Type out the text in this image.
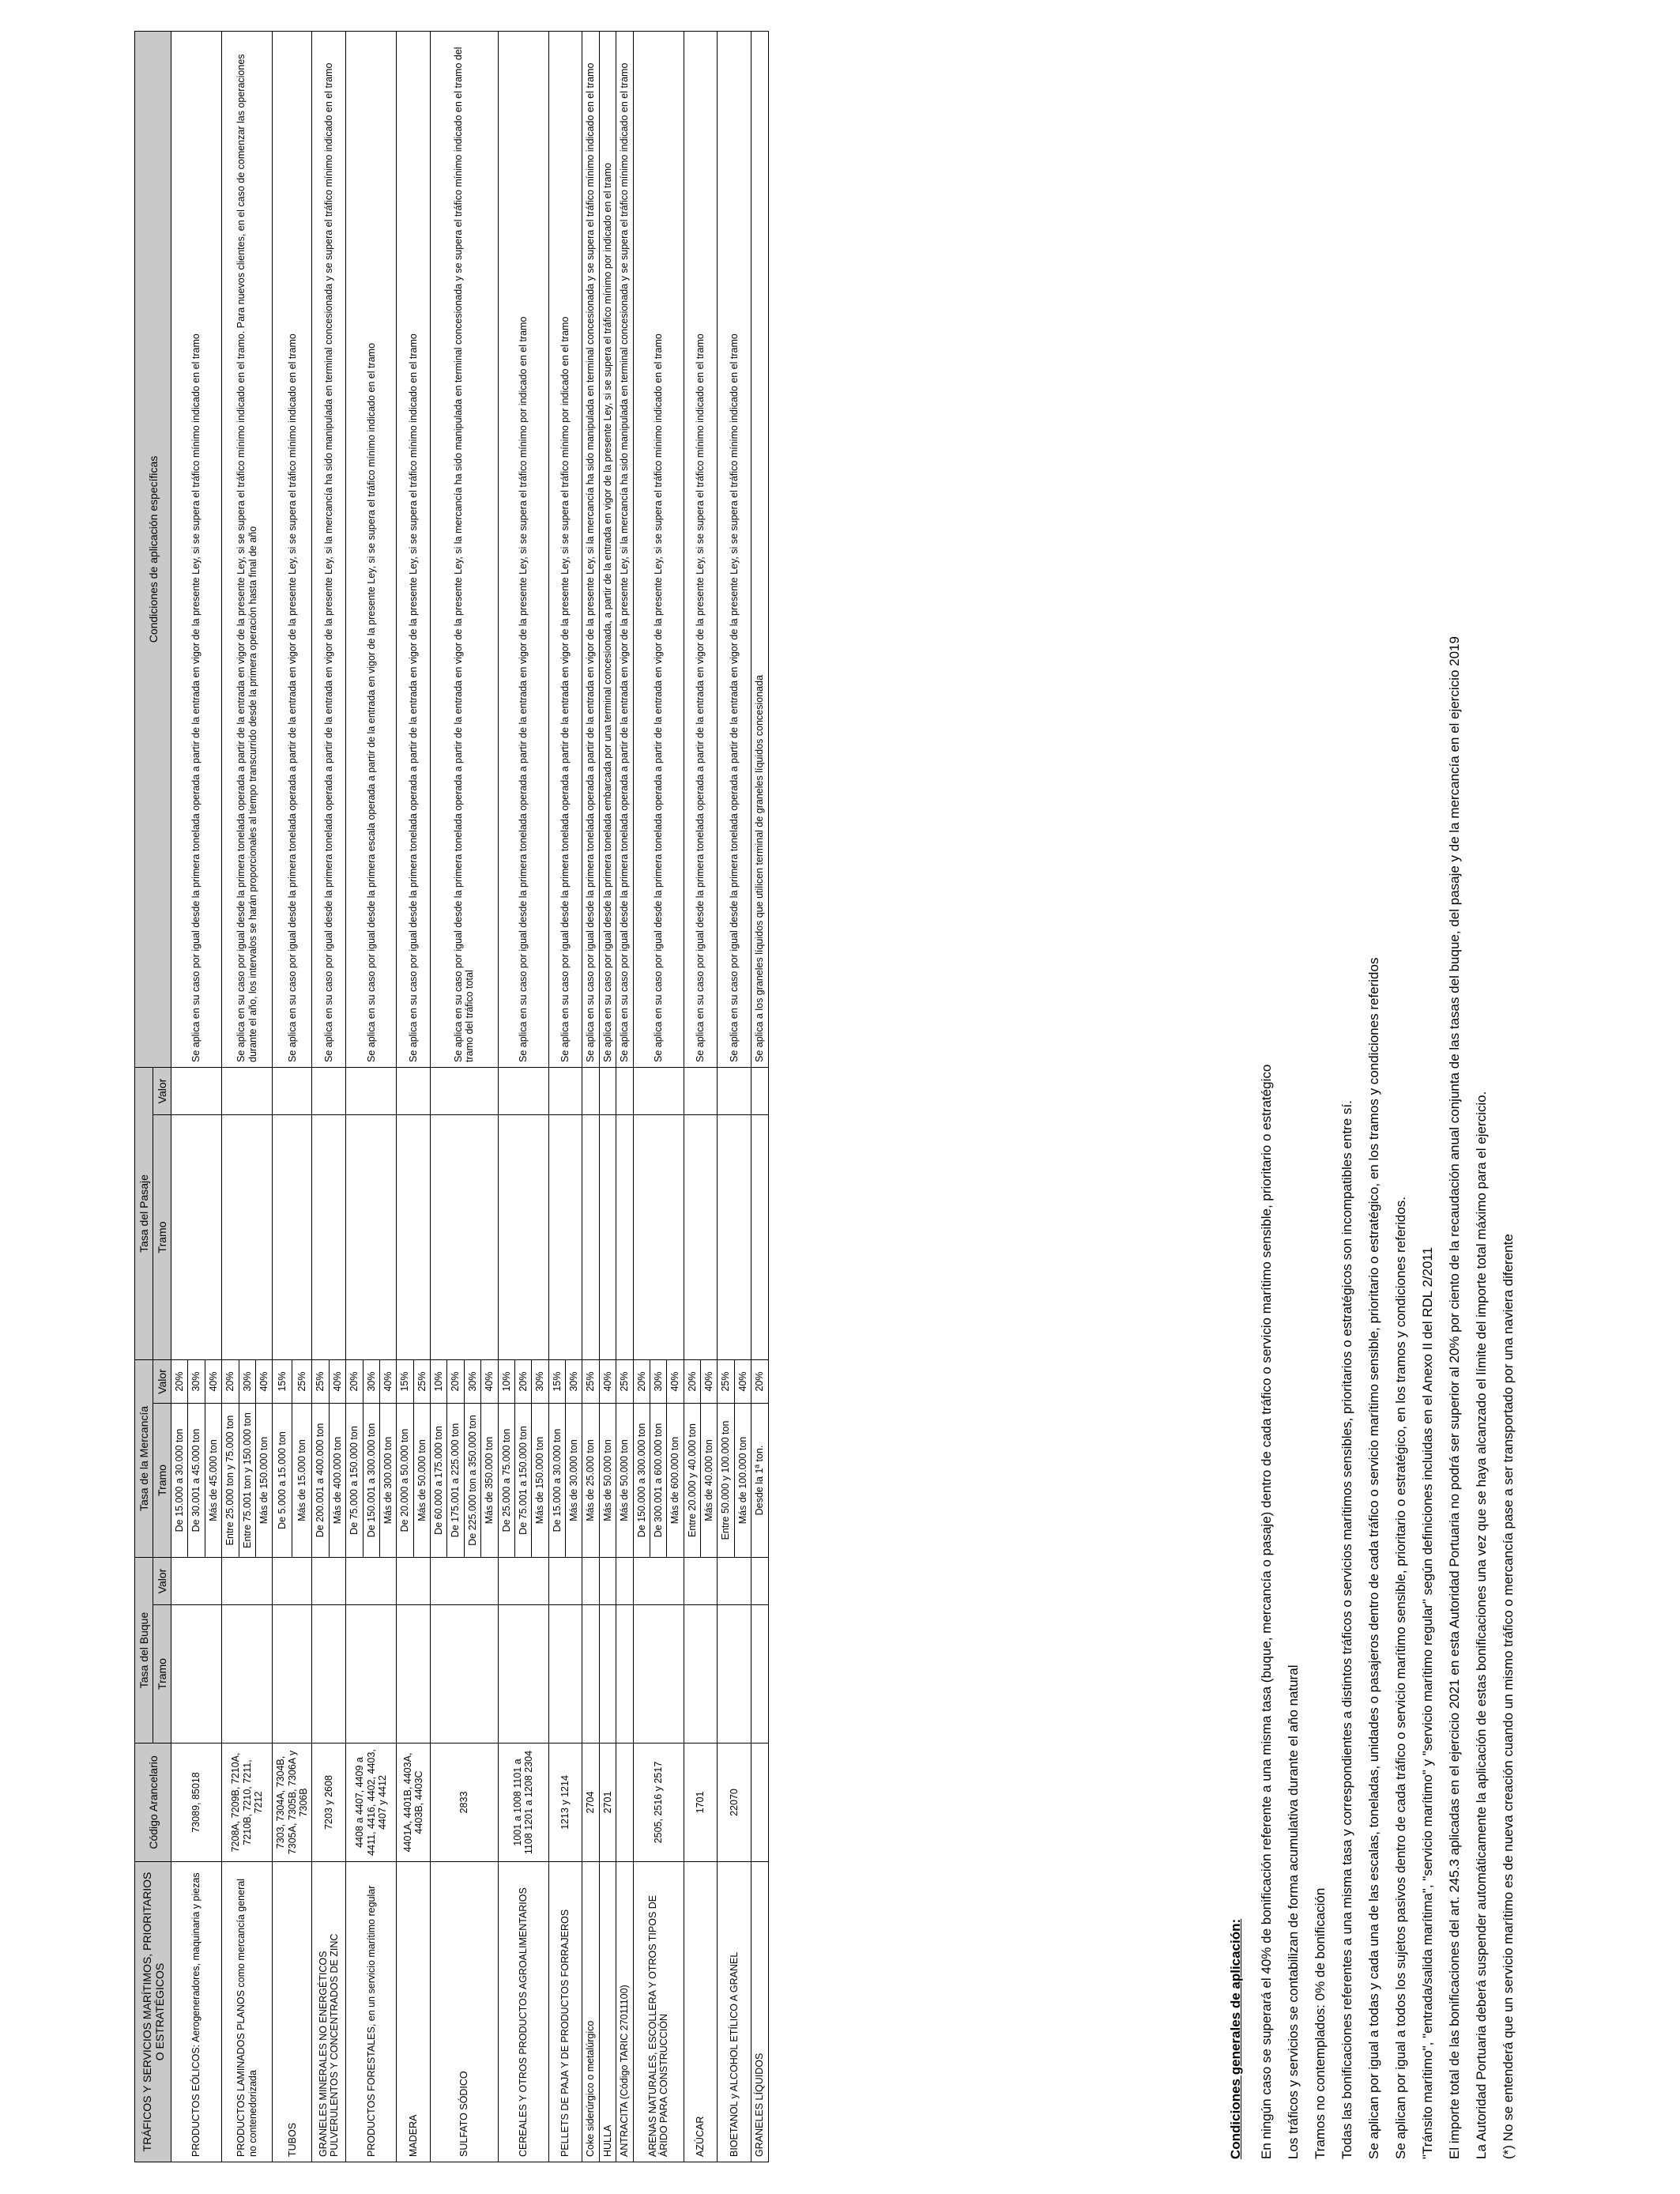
TRÁFICOS Y SERVICIOS MARÍTIMOS, PRIORITARIOS O ESTRATÉGICOS	Código Arancelario	Tasa del Buque		Tasa de la Mercancía		Tasa del Pasaje		Condiciones de aplicación específicas
		Tramo	Valor	Tramo	Valor	Tramo	Valor	
PRODUCTOS EÓLICOS: Aerogeneradores, maquinaria y piezas	73089, 85018			De 15.000 a 30.000 ton	20%			Se aplica en su caso por igual desde la primera tonelada operada a partir de la entrada en vigor de la presente Ley, si se supera el tráfico mínimo indicado en el tramo
				De 30.001 a 45.000 ton	30%			
				Más de 45.000 ton	40%			
PRODUCTOS LAMINADOS PLANOS como mercancía general no contenedorizada	7208A, 7209B, 7210A, 7210B, 7210, 7211, 7212			Entre 25.000 ton y 75.000 ton	20%			Se aplica en su caso por igual desde la primera tonelada operada a partir de la entrada en vigor de la presente Ley, si se supera el tráfico mínimo indicado en el tramo. Para nuevos clientes, en el caso de comenzar las operaciones durante el año, los intervalos se harán proporcionales al tiempo transcurrido desde la primera operación hasta final de año
				Entre 75.001 ton y 150.000 ton	30%			
				Más de 150.000 ton	40%			
TUBOS	7303, 7304A, 7304B, 7305A, 7305B, 7306A y 7306B			De 5.000 a 15.000 ton	15%			Se aplica en su caso por igual desde la primera tonelada operada a partir de la entrada en vigor de la presente Ley, si se supera el tráfico mínimo indicado en el tramo
				Más de 15.000 ton	25%			
GRANELES MINERALES NO ENERGÉTICOS PULVERULENTOS Y CONCENTRADOS DE ZINC	7203 y 2608			De 200.001 a 400.000 ton	25%			Se aplica en su caso por igual desde la primera tonelada operada a partir de la entrada en vigor de la presente Ley, si la mercancía ha sido manipulada en terminal concesionada y se supera el tráfico mínimo indicado en el tramo
				Más de 400.000 ton	40%			
PRODUCTOS FORESTALES, en un servicio marítimo regular	4408 a 4407, 4409 a 4411, 4416, 4402, 4403, 4407 y 4412			De 75.000 a 150.000 ton	20%			Se aplica en su caso por igual desde la primera escala operada a partir de la entrada en vigor de la presente Ley, si se supera el tráfico mínimo indicado en el tramo
				De 150.001 a 300.000 ton	30%			
				Más de 300.000 ton	40%			
MADERA	4401A, 4401B, 4403A, 4403B, 4403C			De 20.000 a 50.000 ton	15%			Se aplica en su caso por igual desde la primera tonelada operada a partir de la entrada en vigor de la presente Ley, si se supera el tráfico mínimo indicado en el tramo
				Más de 50.000 ton	25%			
SULFATO SÓDICO	2833			De 60.000 a 175.000 ton	10%			Se aplica en su caso por igual desde la primera tonelada operada a partir de la entrada en vigor de la presente Ley, si la mercancía ha sido manipulada en terminal concesionada y se supera el tráfico mínimo indicado en el tramo del tramo del tráfico total
				De 175.001 a 225.000 ton	20%			
				De 225.000 ton a 350.000 ton	30%			
				Más de 350.000 ton	40%			
CEREALES Y OTROS PRODUCTOS AGROALIMENTARIOS	1001 a 1008 1101 a 1108 1201 a 1208 2304			De 25.000 a 75.000 ton	10%			Se aplica en su caso por igual desde la primera tonelada operada a partir de la entrada en vigor de la presente Ley, si se supera el tráfico mínimo por indicado en el tramo
				De 75.001 a 150.000 ton	20%			
				Más de 150.000 ton	30%			
PELLETS DE PAJA Y DE PRODUCTOS FORRAJEROS	1213 y 1214			De 15.000 a 30.000 ton	15%			Se aplica en su caso por igual desde la primera tonelada operada a partir de la entrada en vigor de la presente Ley, si se supera el tráfico mínimo por indicado en el tramo
				Más de 30.000 ton	30%			
Coke siderúrgico o metalúrgico	2704			Más de 25.000 ton	25%			Se aplica en su caso por igual desde la primera tonelada operada a partir de la entrada en vigor de la presente Ley, si la mercancía ha sido manipulada en terminal concesionada y se supera el tráfico mínimo indicado en el tramo
HULLA	2701			Más de 50.000 ton	40%			Se aplica en su caso por igual desde la primera tonelada embarcada por una terminal concesionada, a partir de la entrada en vigor de la presente Ley, si se supera el tráfico mínimo por indicado en el tramo
ANTRACITA (Código TARIC 27011100)				Más de 50.000 ton	25%			Se aplica en su caso por igual desde la primera tonelada operada a partir de la entrada en vigor de la presente Ley, si la mercancía ha sido manipulada en terminal concesionada y se supera el tráfico mínimo indicado en el tramo
ARENAS NATURALES, ESCOLLERA Y OTROS TIPOS DE ÁRIDO PARA CONSTRUCCIÓN	2505, 2516 y 2517			De 150.000 a 300.000 ton	20%			Se aplica en su caso por igual desde la primera tonelada operada a partir de la entrada en vigor de la presente Ley, si se supera el tráfico mínimo indicado en el tramo
				De 300.001 a 600.000 ton	30%			
				Más de 600.000 ton	40%			
AZÚCAR	1701			Entre 20.000 y 40.000 ton	20%			Se aplica en su caso por igual desde la primera tonelada operada a partir de la entrada en vigor de la presente Ley, si se supera el tráfico mínimo indicado en el tramo
				Más de 40.000 ton	40%			
BIOETANOL y ALCOHOL ETÍLICO A GRANEL	22070			Entre 50.000 y 100.000 ton	25%			Se aplica en su caso por igual desde la primera tonelada operada a partir de la entrada en vigor de la presente Ley, si se supera el tráfico mínimo indicado en el tramo
				Más de 100.000 ton	40%			
GRANELES LÍQUIDOS				Desde la 1ª ton.	20%			Se aplica a los graneles líquidos que utilicen terminal de graneles líquidos concesionada
Condiciones generales de aplicación: En ningún caso se superará el 40% de bonificación referente a una misma tasa (buque, mercancía o pasaje) dentro de cada tráfico o servicio marítimo sensible, prioritario o estratégico Los tráficos y servicios se contabilizan de forma acumulativa durante el año natural Tramos no contemplados: 0% de bonificación Todas las bonificaciones referentes a una misma tasa y correspondientes a distintos tráficos o servicios marítimos sensibles, prioritarios o estratégicos son incompatibles entre sí. Se aplican por igual a todas y cada una de las escalas, toneladas, unidades o pasajeros dentro de cada tráfico o servicio marítimo sensible, prioritario o estratégico, en los tramos y condiciones referidos Se aplican por igual a todos los sujetos pasivos dentro de cada tráfico o servicio marítimo sensible, prioritario o estratégico, en los tramos y condiciones referidos. "Tránsito marítimo", "entrada/salida marítima", "servicio marítimo" y "servicio marítimo regular" según definiciones incluidas en el Anexo II del RDL 2/2011 El importe total de las bonificaciones del art. 245.3 aplicadas en el ejercicio 2021 en esta Autoridad Portuaria no podrá ser superior al 20% por ciento de la recaudación anual conjunta de las tasas del buque, del pasaje y de la mercancía en el ejercicio 2019 La Autoridad Portuaria deberá suspender automáticamente la aplicación de estas bonificaciones una vez que se haya alcanzado el límite del importe total máximo para el ejercicio. (*) No se entenderá que un servicio marítimo es de nueva creación cuando un mismo tráfico o mercancía pase a ser transportado por una naviera diferente
